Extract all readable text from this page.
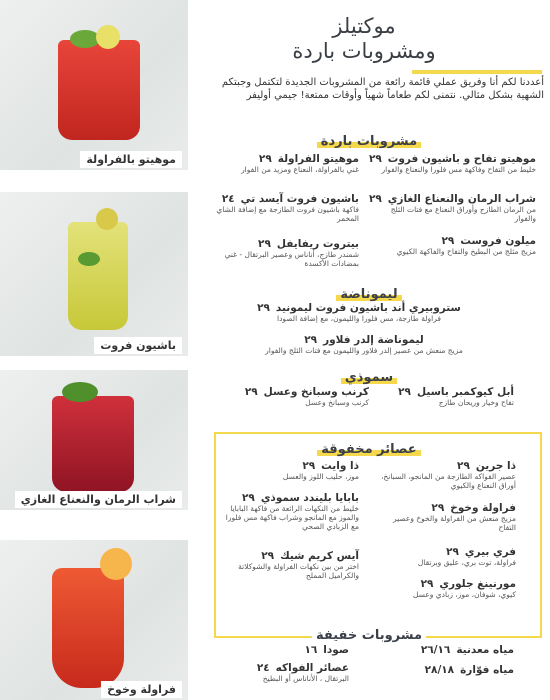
موهيتو بالفراولة
باشيون فروت
شراب الرمان والنعناع الغازي
فراولة وخوخ
موكتيلز
ومشروبات باردة
أعددنا لكم أنا وفريق عملي قائمة رائعة من المشروبات الجديدة لتكتمل وجبتكم الشهية بشكل مثالي. نتمنى لكم طعاماً شهياً وأوقات ممتعة! جيمي أوليفر
مشروبات باردة
موهيتو تفاح و باشيون فروت٢٩
خليط من التفاح وفاكهة مس فلورا والنعناع والفوار
موهيتو الفراولة٢٩
غني بالفراولة، النعناع ومزيد من الفوار
شراب الرمان والنعناع الغازي٢٩
من الرمان الطازج وأوراق النعناع مع فتات الثلج والفوار
باشيون فروت آيسد تي٢٤
فاكهة باشيون فروت الطازجة مع إضافة الشاي المخمر
ميلون فروست٢٩
مزيج مثلج من البطيخ والتفاح والفاكهة الكيوي
بيتروت ريفايفل٢٩
شمندر طازج، أناناس وعصير البرتقال - غني بمضادات الأكسدة
ليموناضة
ستروبيري أند باشيون فروت ليمونيد٢٩
فراولة طازجة، مس فلورا والليمون، مع إضافة الصودا
ليموناضة إلدر فلاور٢٩
مزيج منعش من عصير إلدر فلاور والليمون مع فتات الثلج والفوار
سموذي
أبل كيوكمبر باسيل٢٩
تفاح وخيار وريحان طازج
كرنب وسبانخ وعسل٢٩
كرنب وسبانخ وعسل
عصائر مخفوقة
ذا جرين٢٩
عصير الفواكه الطازجة من المانجو، السبانخ، أوراق النعناع والكيوي
ذا وايت٢٩
موز، حليب اللوز والعسل
فراولة وخوخ٢٩
مزيج منعش من الفراولة والخوخ وعصير التفاح
بابايا بليندد سموذي٢٩
خليط من النكهات الرائعة من فاكهة البابايا والموز مع المانجو وشراب فاكهة مس فلورا مع الزبادي الصحي
فري بيري٢٩
فراولة، توت بري، عليق وبرتقال
آيس كريم شيك٢٩
اختر من بين نكهات الفراولة والشوكلاتة والكراميل المملح
مورنينغ جلوري٢٩
كيوي، شوفان، موز، زبادي وعسل
مشروبات خفيفة
مياه معدنية٢٦/١٦
صودا١٦
مياه فوّارة٢٨/١٨
عصائر الفواكه٢٤
البرتقال ، الأناناس أو البطيخ
